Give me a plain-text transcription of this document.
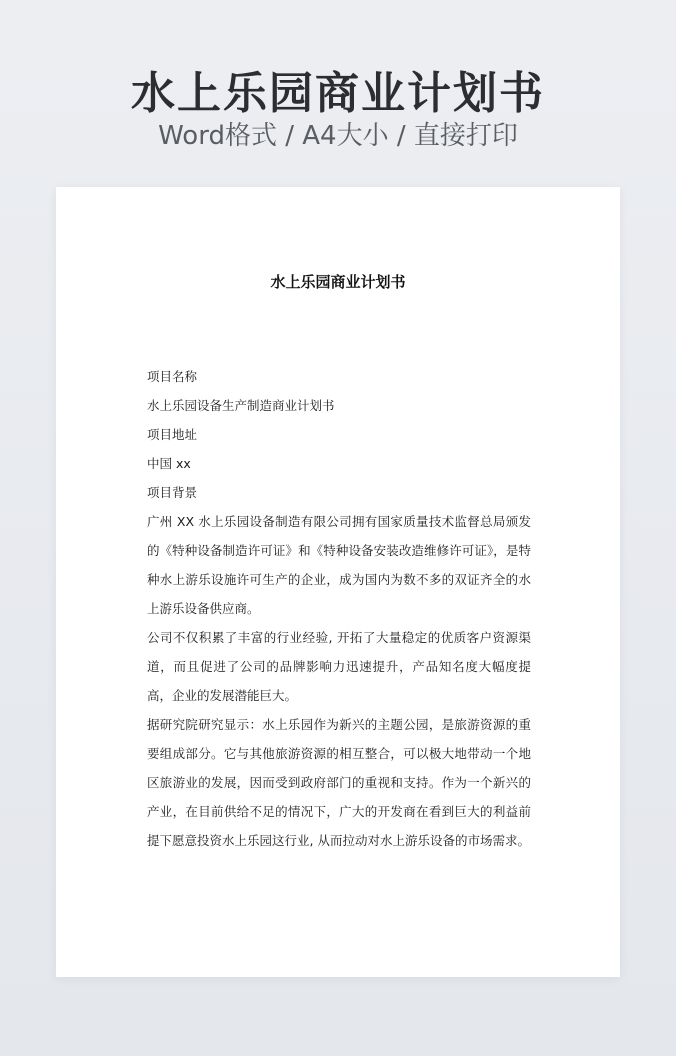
水上乐园商业计划书
Word格式 / A4大小 / 直接打印
水上乐园商业计划书

项目名称

水上乐园设备生产制造商业计划书

项目地址

中国 xx

项目背景

广州 XX 水上乐园设备制造有限公司拥有国家质量技术监督总局颁发的《特种设备制造许可证》和《特种设备安装改造维修许可证》，是特种水上游乐设施许可生产的企业，成为国内为数不多的双证齐全的水上游乐设备供应商。

公司不仅积累了丰富的行业经验, 开拓了大量稳定的优质客户资源渠道，而且促进了公司的品牌影响力迅速提升，产品知名度大幅度提高，企业的发展潜能巨大。

据研究院研究显示：水上乐园作为新兴的主题公园，是旅游资源的重要组成部分。它与其他旅游资源的相互整合，可以极大地带动一个地区旅游业的发展，因而受到政府部门的重视和支持。作为一个新兴的产业，在目前供给不足的情况下，广大的开发商在看到巨大的利益前提下愿意投资水上乐园这行业, 从而拉动对水上游乐设备的市场需求。
